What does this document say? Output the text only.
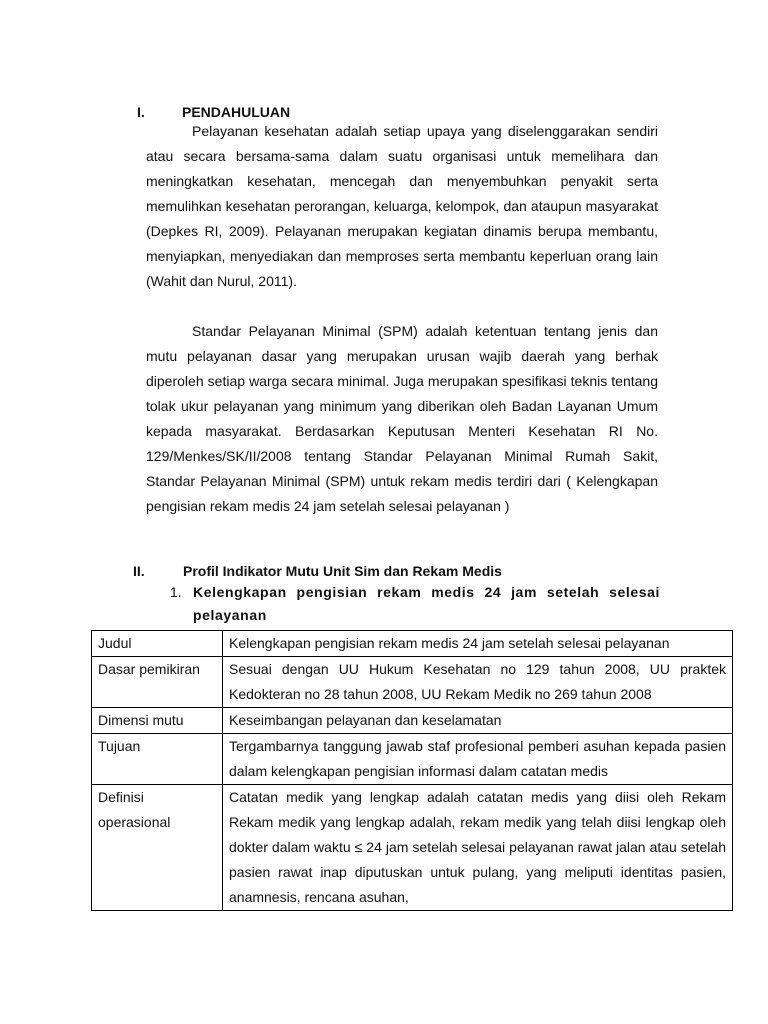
I.	PENDAHULUAN

Pelayanan kesehatan adalah setiap upaya yang diselenggarakan sendiri atau secara bersama-sama dalam suatu organisasi untuk memelihara dan meningkatkan kesehatan, mencegah dan menyembuhkan penyakit serta memulihkan kesehatan perorangan, keluarga, kelompok, dan ataupun masyarakat (Depkes RI, 2009). Pelayanan merupakan kegiatan dinamis berupa membantu, menyiapkan, menyediakan dan memproses serta membantu keperluan orang lain (Wahit dan Nurul, 2011).

Standar Pelayanan Minimal (SPM) adalah ketentuan tentang jenis dan mutu pelayanan dasar yang merupakan urusan wajib daerah yang berhak diperoleh setiap warga secara minimal. Juga merupakan spesifikasi teknis tentang tolak ukur pelayanan yang minimum yang diberikan oleh Badan Layanan Umum kepada masyarakat. Berdasarkan Keputusan Menteri Kesehatan RI No. 129/Menkes/SK/II/2008 tentang Standar Pelayanan Minimal Rumah Sakit, Standar Pelayanan Minimal (SPM) untuk rekam medis terdiri dari ( Kelengkapan pengisian rekam medis 24 jam setelah selesai pelayanan )

II.	Profil Indikator Mutu Unit Sim dan Rekam Medis
1. Kelengkapan pengisian rekam medis 24 jam setelah selesai pelayanan
Judul	Kelengkapan pengisian rekam medis 24 jam setelah selesai pelayanan
Dasar pemikiran	Sesuai dengan UU Hukum Kesehatan no 129 tahun 2008, UU praktek Kedokteran no 28 tahun 2008, UU Rekam Medik no 269 tahun 2008
Dimensi mutu	Keseimbangan pelayanan dan keselamatan
Tujuan	Tergambarnya tanggung jawab staf profesional pemberi asuhan kepada pasien dalam kelengkapan pengisian informasi dalam catatan medis
Definisi operasional	Catatan medik yang lengkap adalah catatan medis yang diisi oleh Rekam Rekam medik yang lengkap adalah, rekam medik yang telah diisi lengkap oleh dokter dalam waktu ≤ 24 jam setelah selesai pelayanan rawat jalan atau setelah pasien rawat inap diputuskan untuk pulang, yang meliputi identitas pasien, anamnesis, rencana asuhan,
